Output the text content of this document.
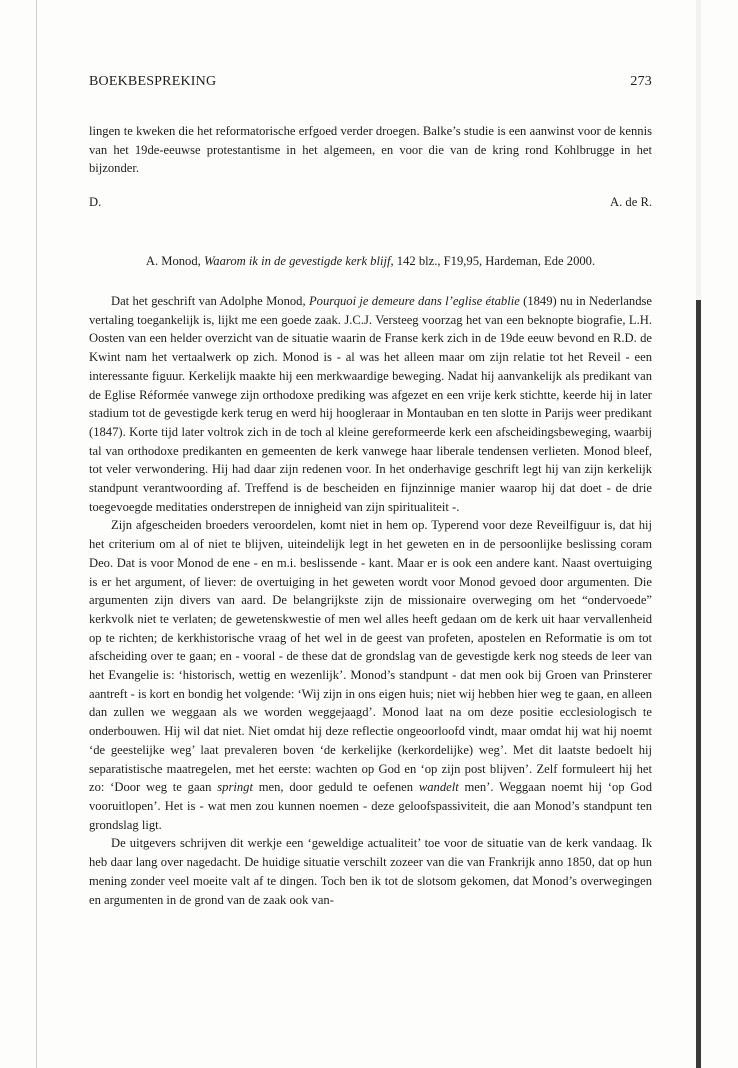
BOEKBESPREKING	273

lingen te kweken die het reformatorische erfgoed verder droegen. Balke’s studie is een aanwinst voor de kennis van het 19de-eeuwse protestantisme in het algemeen, en voor die van de kring rond Kohlbrugge in het bijzonder.

D.	A. de R.
A. Monod, Waarom ik in de gevestigde kerk blijf, 142 blz., F19,95, Hardeman, Ede 2000.

Dat het geschrift van Adolphe Monod, Pourquoi je demeure dans l’eglise établie (1849) nu in Nederlandse vertaling toegankelijk is, lijkt me een goede zaak. J.C.J. Versteeg voorzag het van een beknopte biografie, L.H. Oosten van een helder overzicht van de situatie waarin de Franse kerk zich in de 19de eeuw bevond en R.D. de Kwint nam het vertaalwerk op zich. Monod is - al was het alleen maar om zijn relatie tot het Reveil - een interessante figuur. Kerkelijk maakte hij een merkwaardige beweging. Nadat hij aanvankelijk als predikant van de Eglise Réformée vanwege zijn orthodoxe prediking was afgezet en een vrije kerk stichtte, keerde hij in later stadium tot de gevestigde kerk terug en werd hij hoogleraar in Montauban en ten slotte in Parijs weer predikant (1847). Korte tijd later voltrok zich in de toch al kleine gereformeerde kerk een afscheidingsbeweging, waarbij tal van orthodoxe predikanten en gemeenten de kerk vanwege haar liberale tendensen verlieten. Monod bleef, tot veler verwondering. Hij had daar zijn redenen voor. In het onderhavige geschrift legt hij van zijn kerkelijk standpunt verantwoording af. Treffend is de bescheiden en fijnzinnige manier waarop hij dat doet - de drie toegevoegde meditaties onderstrepen de innigheid van zijn spiritualiteit -.

Zijn afgescheiden broeders veroordelen, komt niet in hem op. Typerend voor deze Reveilfiguur is, dat hij het criterium om al of niet te blijven, uiteindelijk legt in het geweten en in de persoonlijke beslissing coram Deo. Dat is voor Monod de ene - en m.i. beslissende - kant. Maar er is ook een andere kant. Naast overtuiging is er het argument, of liever: de overtuiging in het geweten wordt voor Monod gevoed door argumenten. Die argumenten zijn divers van aard. De belangrijkste zijn de missionaire overweging om het “ondervoede” kerkvolk niet te verlaten; de gewetenskwestie of men wel alles heeft gedaan om de kerk uit haar vervallenheid op te richten; de kerkhistorische vraag of het wel in de geest van profeten, apostelen en Reformatie is om tot afscheiding over te gaan; en - vooral - de these dat de grondslag van de gevestigde kerk nog steeds de leer van het Evangelie is: ‘historisch, wettig en wezenlijk’. Monod’s standpunt - dat men ook bij Groen van Prinsterer aantreft - is kort en bondig het volgende: ‘Wij zijn in ons eigen huis; niet wij hebben hier weg te gaan, en alleen dan zullen we weggaan als we worden weggejaagd’. Monod laat na om deze positie ecclesiologisch te onderbouwen. Hij wil dat niet. Niet omdat hij deze reflectie ongeoorloofd vindt, maar omdat hij wat hij noemt ‘de geestelijke weg’ laat prevaleren boven ‘de kerkelijke (kerkordelijke) weg’. Met dit laatste bedoelt hij separatistische maatregelen, met het eerste: wachten op God en ‘op zijn post blijven’. Zelf formuleert hij het zo: ‘Door weg te gaan springt men, door geduld te oefenen wandelt men’. Weggaan noemt hij ‘op God vooruitlopen’. Het is - wat men zou kunnen noemen - deze geloofspassiviteit, die aan Monod’s standpunt ten grondslag ligt.

De uitgevers schrijven dit werkje een ‘geweldige actualiteit’ toe voor de situatie van de kerk vandaag. Ik heb daar lang over nagedacht. De huidige situatie verschilt zozeer van die van Frankrijk anno 1850, dat op hun mening zonder veel moeite valt af te dingen. Toch ben ik tot de slotsom gekomen, dat Monod’s overwegingen en argumenten in de grond van de zaak ook van-
